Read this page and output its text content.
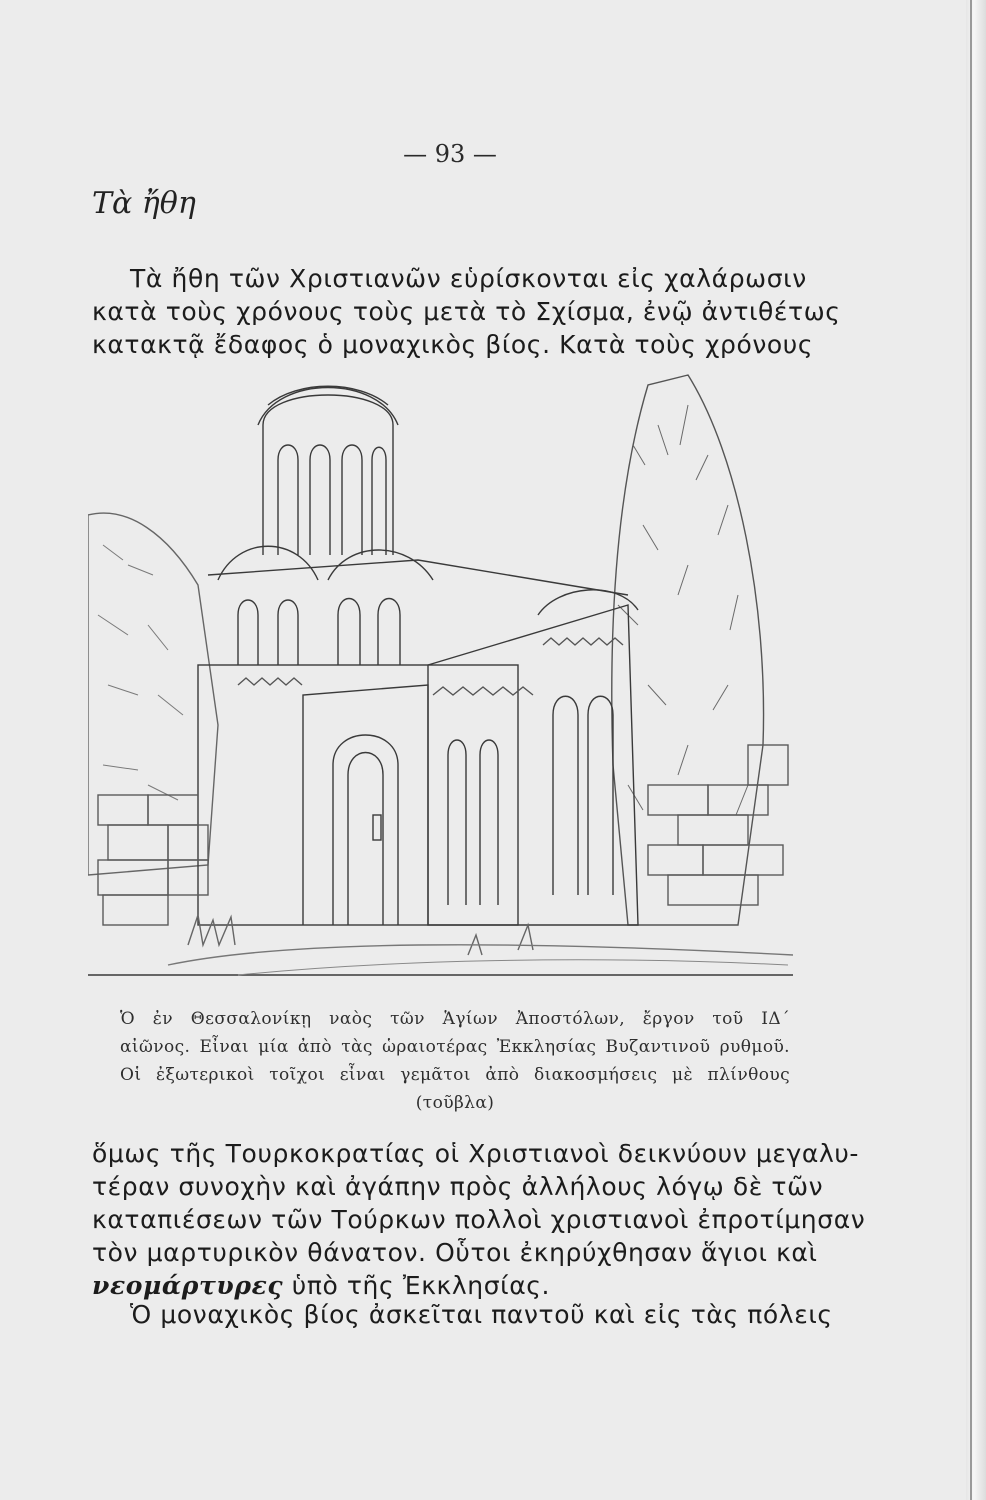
— 93 —
Τὰ ἤθη
Τὰ ἤθη τῶν Χριστιανῶν εὑρίσκονται εἰς χαλάρωσιν
κατὰ τοὺς χρόνους τοὺς μετὰ τὸ Σχίσμα, ἐνῷ ἀντιθέτως
κατακτᾷ ἔδαφος ὁ μοναχικὸς βίος. Κατὰ τοὺς χρόνους
Ὁ ἐν Θεσσαλονίκῃ ναὸς τῶν Ἁγίων Ἀποστόλων, ἔργον τοῦ ΙΔ΄
αἰῶνος. Εἶναι μία ἀπὸ τὰς ὡραιοτέρας Ἐκκλησίας Βυζαντινοῦ ρυθμοῦ.
Οἱ ἐξωτερικοὶ τοῖχοι εἶναι γεμᾶτοι ἀπὸ διακοσμήσεις μὲ πλίνθους
(τοῦβλα)
ὅμως τῆς Τουρκοκρατίας οἱ Χριστιανοὶ δεικνύουν μεγαλυ-
τέραν συνοχὴν καὶ ἀγάπην πρὸς ἀλλήλους λόγῳ δὲ τῶν
καταπιέσεων τῶν Τούρκων πολλοὶ χριστιανοὶ ἐπροτίμησαν
τὸν μαρτυρικὸν θάνατον. Οὗτοι ἐκηρύχθησαν ἅγιοι καὶ
νεομάρτυρες ὑπὸ τῆς Ἐκκλησίας.
Ὁ μοναχικὸς βίος ἀσκεῖται παντοῦ καὶ εἰς τὰς πόλεις
